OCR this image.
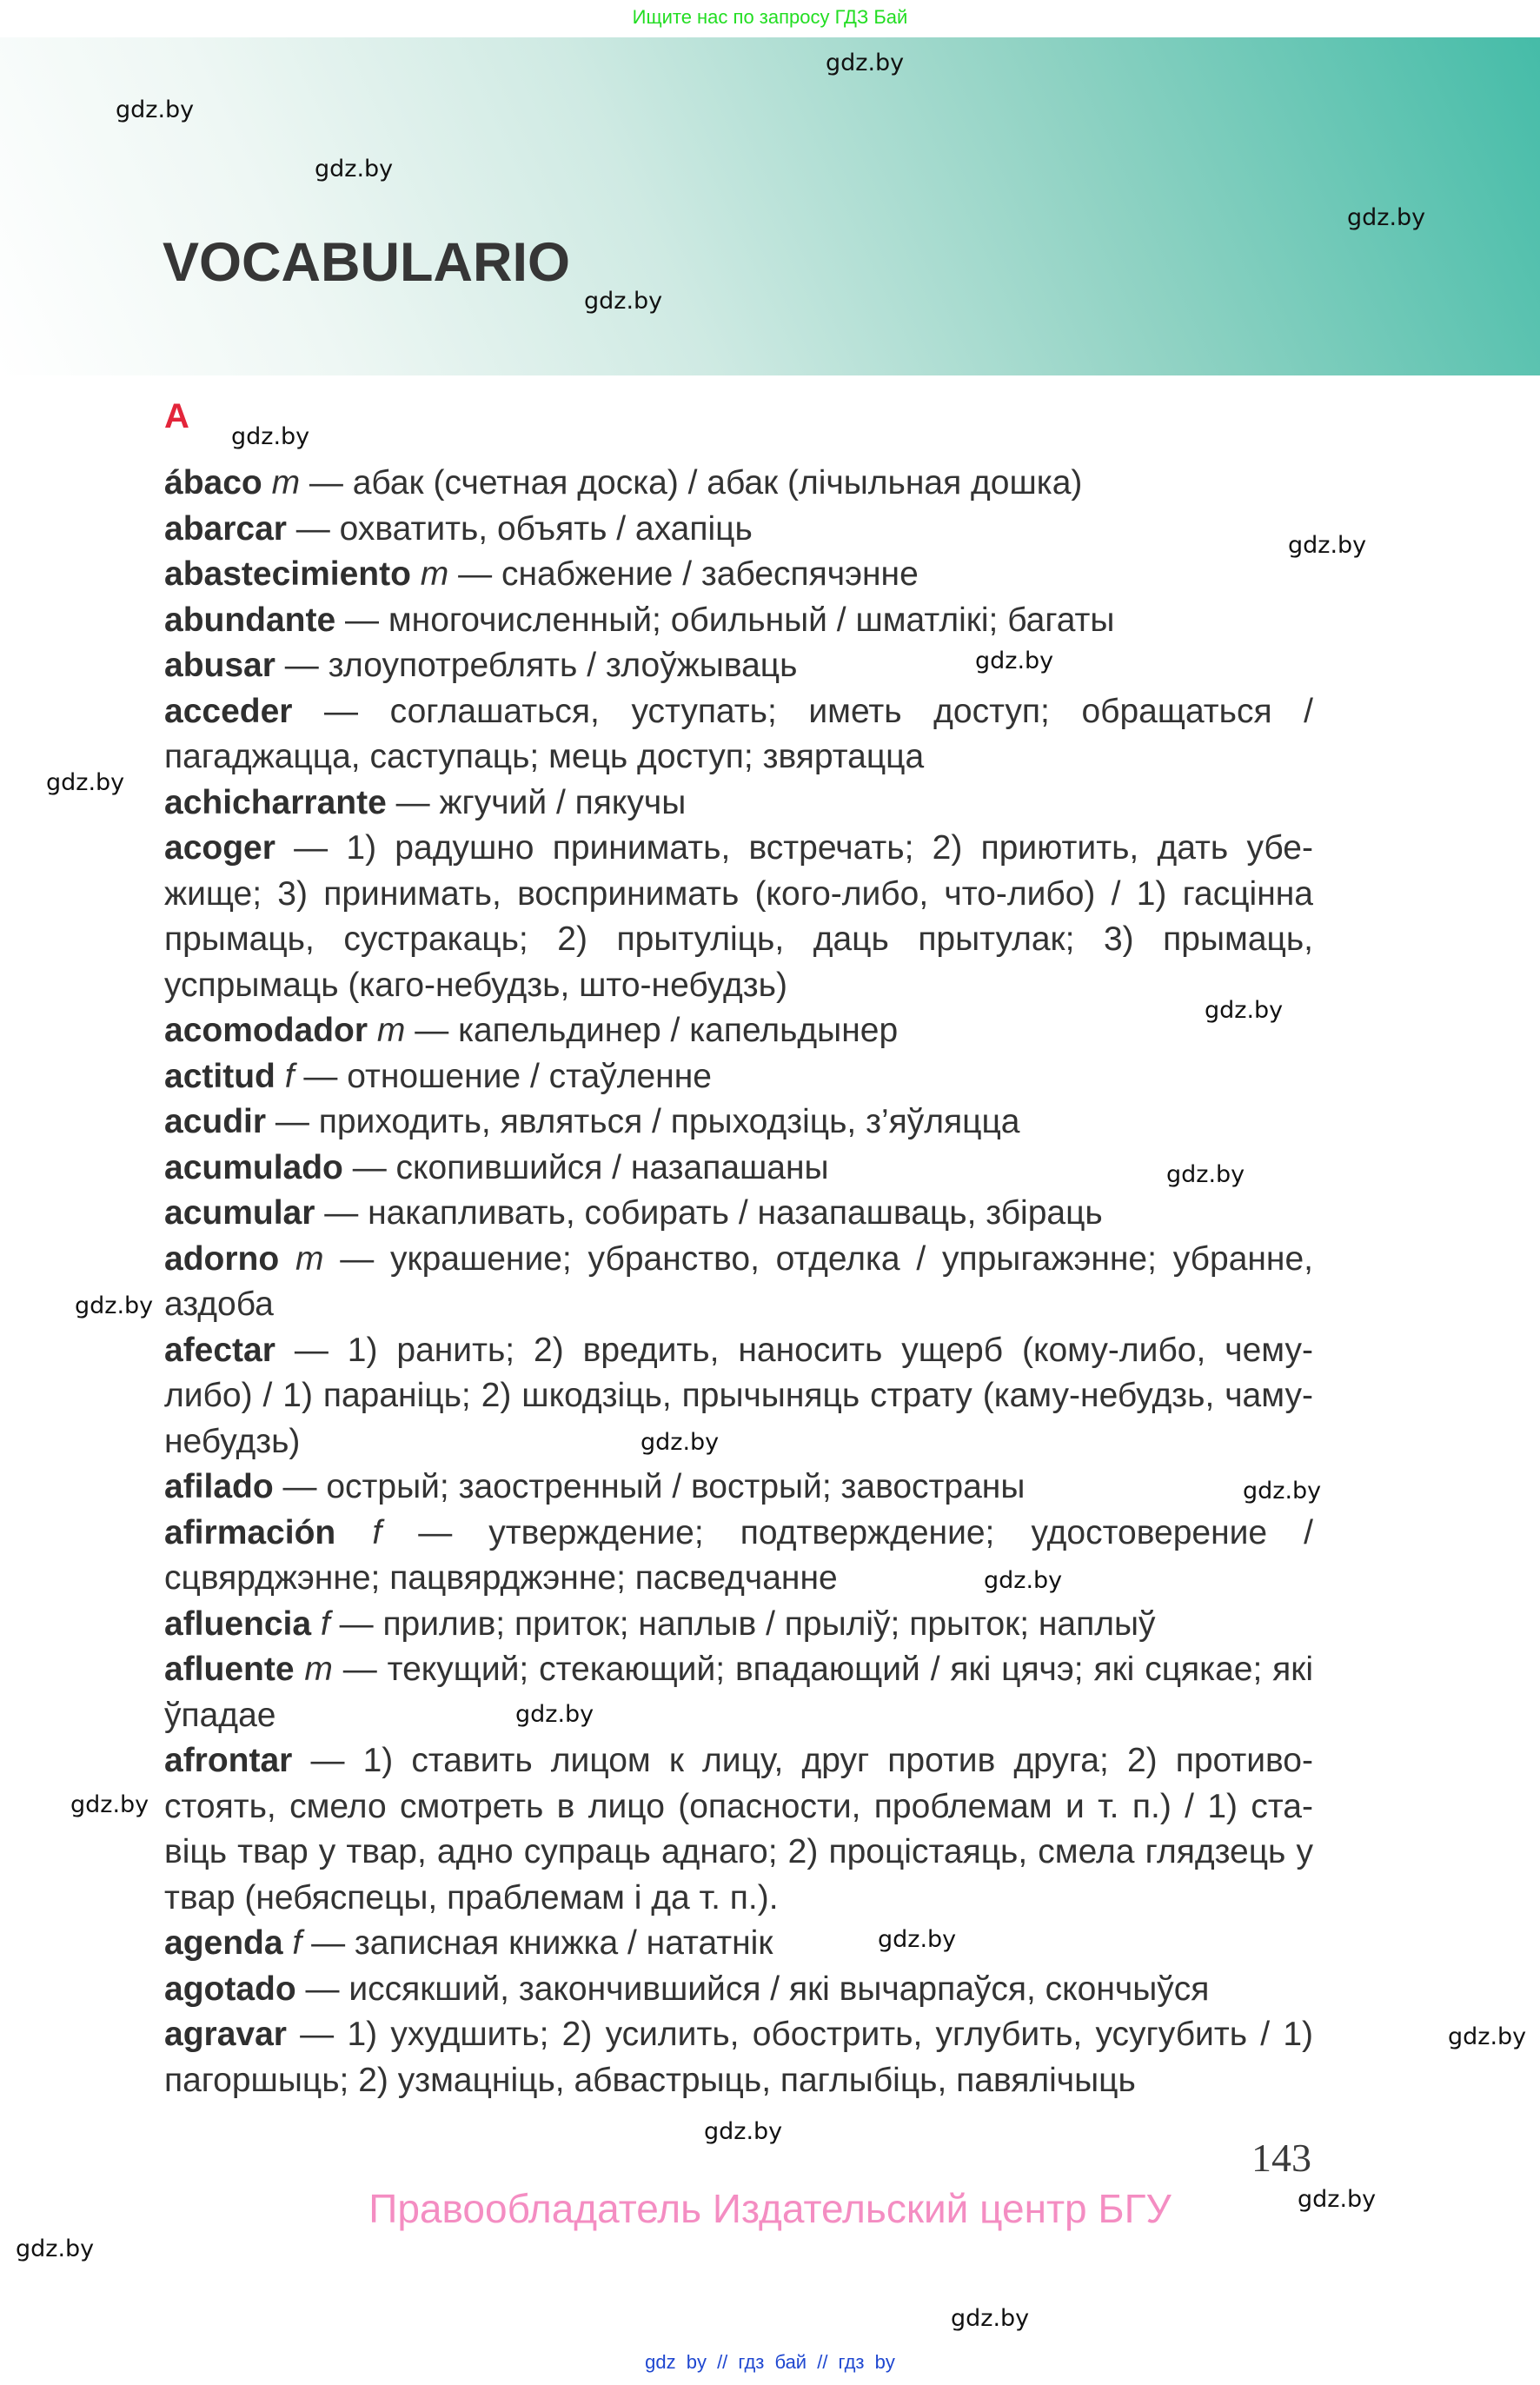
Ищите нас по запросу ГДЗ Бай
VOCABULARIO
A
ábaco m — абак (счетная доска) / абак (лічыльная дошка)
abarcar — охватить, объять / ахапіць
abastecimiento m — снабжение / забеспячэнне
abundante — многочисленный; обильный / шматлікі; багаты
abusar — злоупотреблять / злоўжываць
acceder — соглашаться, уступать; иметь доступ; обращаться / пагаджацца, саступаць; мець доступ; звяртацца
achicharrante — жгучий / пякучы
acoger — 1) радушно принимать, встречать; 2) приютить, дать убежище; 3) принимать, воспринимать (кого-либо, что-либо) / 1) гасцінна прымаць, сустракаць; 2) прытуліць, даць прытулак; 3) прымаць, успрымаць (каго-небудзь, што-небудзь)
acomodador m — капельдинер / капельдынер
actitud f — отношение / стаўленне
acudir — приходить, являться / прыходзіць, з’яўляцца
acumulado — скопившийся / назапашаны
acumular — накапливать, собирать / назапашваць, збіраць
adorno m — украшение; убранство, отделка / упрыгажэнне; убранне, аздоба
afectar — 1) ранить; 2) вредить, наносить ущерб (кому-либо, чему-либо) / 1) параніць; 2) шкодзіць, прычыняць страту (каму-небудзь, чаму-небудзь)
afilado — острый; заостренный / вострый; завостраны
afirmación f — утверждение; подтверждение; удостоверение / сцвярджэнне; пацвярджэнне; пасведчанне
afluencia f — прилив; приток; наплыв / прыліў; прыток; наплыў
afluente m — текущий; стекающий; впадающий / які цячэ; які сцякае; які ўпадае
afrontar — 1) ставить лицом к лицу, друг против друга; 2) противостоять, смело смотреть в лицо (опасности, проблемам и т. п.) / 1) ставіць твар у твар, адно супраць аднаго; 2) процістаяць, смела глядзець у твар (небяспецы, праблемам і да т. п.).
agenda f — записная книжка / нататнік
agotado — иссякший, закончившийся / які вычарпаўся, скончыўся
agravar — 1) ухудшить; 2) усилить, обострить, углубить, усугубить / 1) пагоршыць; 2) узмацніць, абвастрыць, паглыбіць, павялічыць
143
Правообладатель Издательский центр БГУ
gdz by // гдз бай // гдз by
gdz.by
gdz.by
gdz.by
gdz.by
gdz.by
gdz.by
gdz.by
gdz.by
gdz.by
gdz.by
gdz.by
gdz.by
gdz.by
gdz.by
gdz.by
gdz.by
gdz.by
gdz.by
gdz.by
gdz.by
gdz.by
gdz.by
gdz.by
